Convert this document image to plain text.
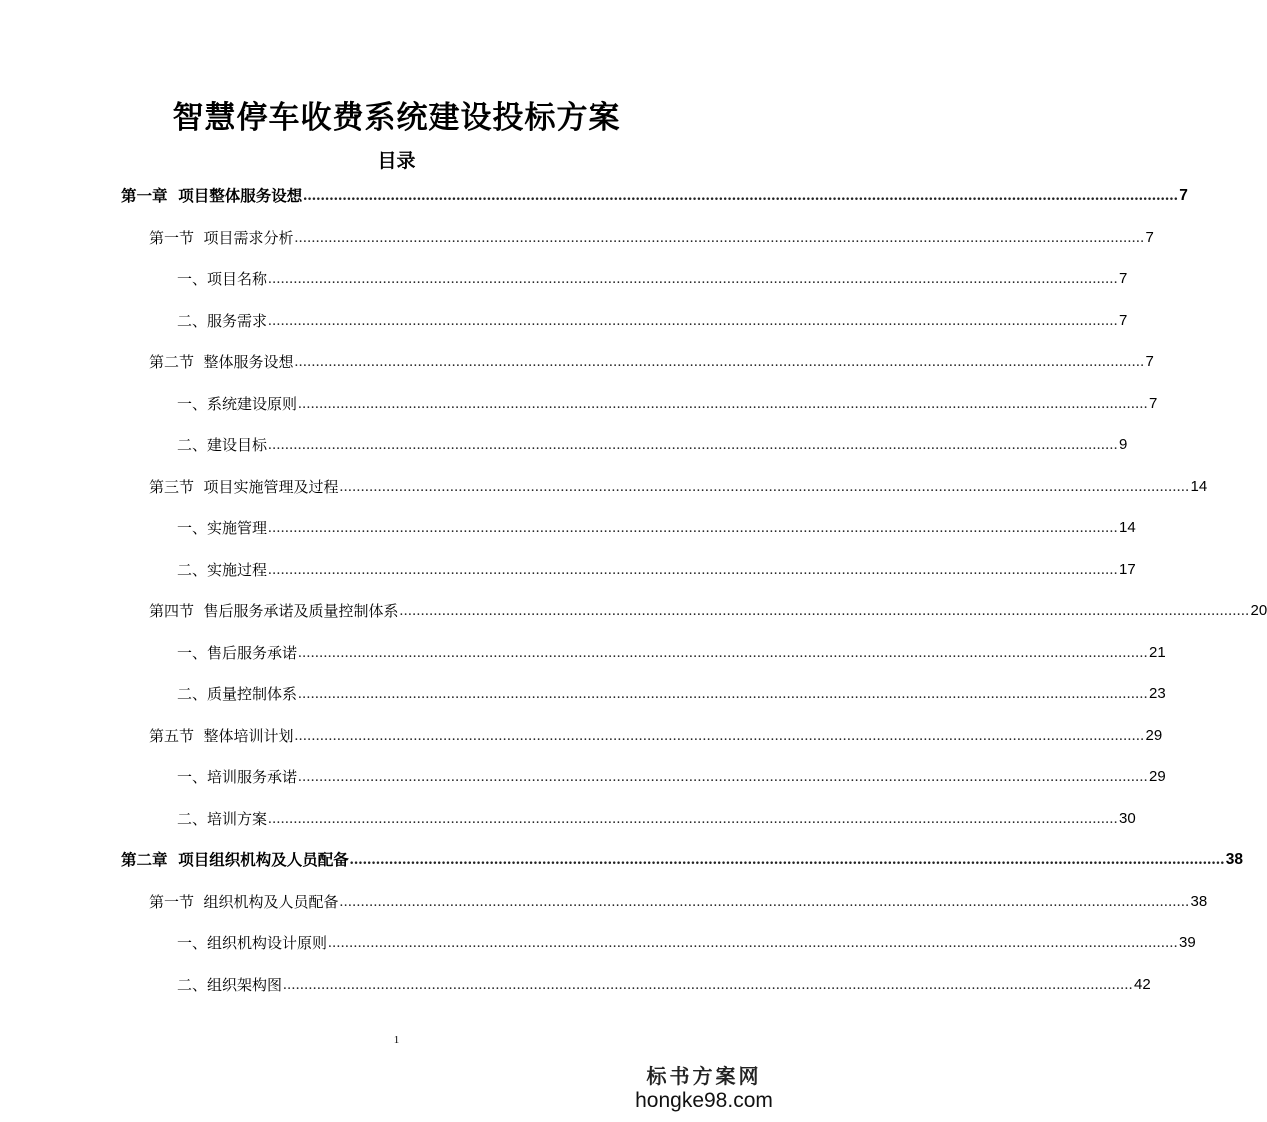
智慧停车收费系统建设投标方案
目录
第一章  项目整体服务设想 ........................................................................................................................................................................................................ 7
第一节  项目需求分析 ........................................................................................................................................................................................................ 7
一、项目名称 ........................................................................................................................................................................................................ 7
二、服务需求 ........................................................................................................................................................................................................ 7
第二节  整体服务设想 ........................................................................................................................................................................................................ 7
一、系统建设原则 ........................................................................................................................................................................................................ 7
二、建设目标 ........................................................................................................................................................................................................ 9
第三节  项目实施管理及过程 ........................................................................................................................................................................................................ 14
一、实施管理 ........................................................................................................................................................................................................ 14
二、实施过程 ........................................................................................................................................................................................................ 17
第四节  售后服务承诺及质量控制体系 ........................................................................................................................................................................................................ 20
一、售后服务承诺 ........................................................................................................................................................................................................ 21
二、质量控制体系 ........................................................................................................................................................................................................ 23
第五节  整体培训计划 ........................................................................................................................................................................................................ 29
一、培训服务承诺 ........................................................................................................................................................................................................ 29
二、培训方案 ........................................................................................................................................................................................................ 30
第二章  项目组织机构及人员配备 ........................................................................................................................................................................................................ 38
第一节  组织机构及人员配备 ........................................................................................................................................................................................................ 38
一、组织机构设计原则 ........................................................................................................................................................................................................ 39
二、组织架构图 ........................................................................................................................................................................................................ 42
1
标书方案网
hongke98.com
